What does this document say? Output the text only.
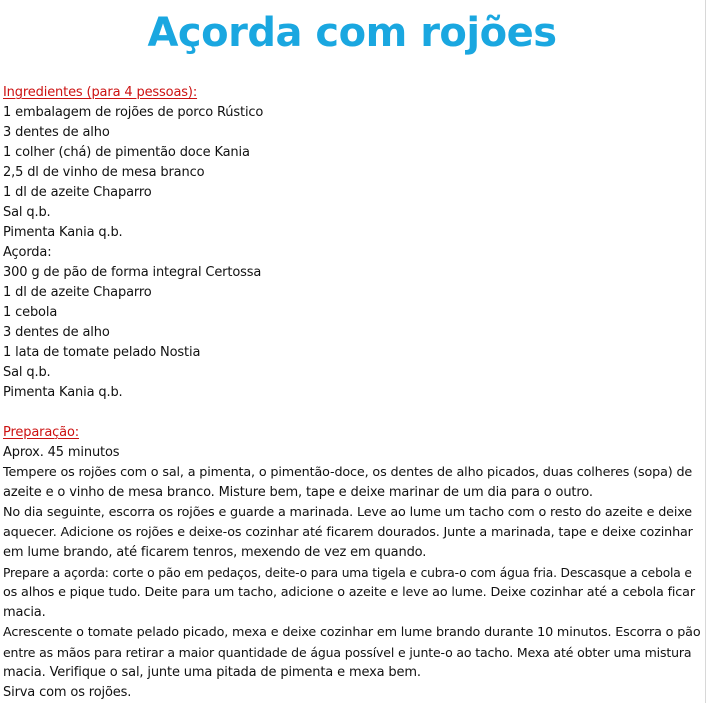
Açorda com rojões
Ingredientes (para 4 pessoas):
1 embalagem de rojões de porco Rústico
3 dentes de alho
1 colher (chá) de pimentão doce Kania
2,5 dl de vinho de mesa branco
1 dl de azeite Chaparro
Sal q.b.
Pimenta Kania q.b.
Açorda:
300 g de pão de forma integral Certossa
1 dl de azeite Chaparro
1 cebola
3 dentes de alho
1 lata de tomate pelado Nostia
Sal q.b.
Pimenta Kania q.b.
Preparação:
Aprox. 45 minutos
Tempere os rojões com o sal, a pimenta, o pimentão-doce, os dentes de alho picados, duas colheres (sopa) de
azeite e o vinho de mesa branco. Misture bem, tape e deixe marinar de um dia para o outro.
No dia seguinte, escorra os rojões e guarde a marinada. Leve ao lume um tacho com o resto do azeite e deixe
aquecer. Adicione os rojões e deixe-os cozinhar até ficarem dourados. Junte a marinada, tape e deixe cozinhar
em lume brando, até ficarem tenros, mexendo de vez em quando.
Prepare a açorda: corte o pão em pedaços, deite-o para uma tigela e cubra-o com água fria. Descasque a cebola e
os alhos e pique tudo. Deite para um tacho, adicione o azeite e leve ao lume. Deixe cozinhar até a cebola ficar
macia.
Acrescente o tomate pelado picado, mexa e deixe cozinhar em lume brando durante 10 minutos. Escorra o pão
entre as mãos para retirar a maior quantidade de água possível e junte-o ao tacho. Mexa até obter uma mistura
macia. Verifique o sal, junte uma pitada de pimenta e mexa bem.
Sirva com os rojões.
